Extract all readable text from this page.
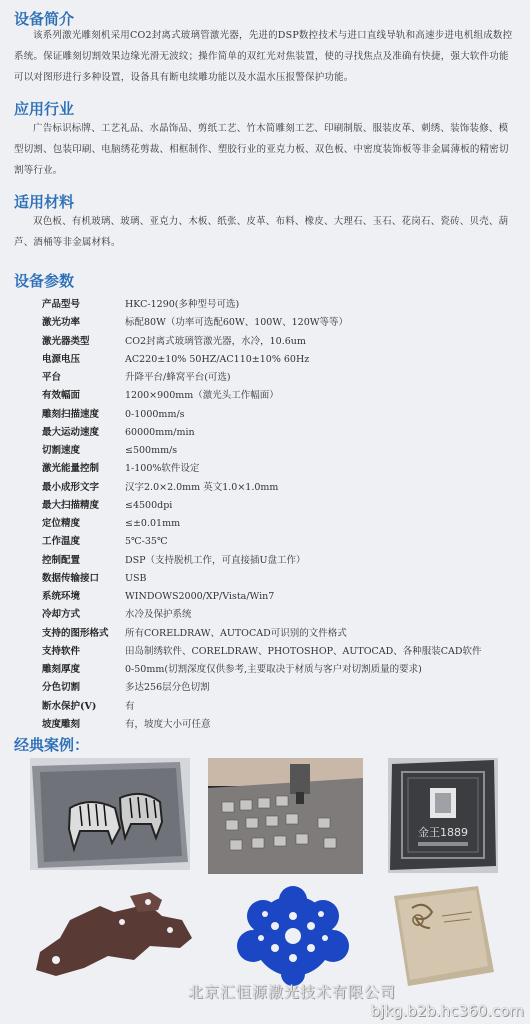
设备简介
该系列激光雕刻机采用CO2封离式玻璃管激光器，先进的DSP数控技术与进口直线导轨和高速步进电机组成数控系统。保证雕刻切割效果边缘光滑无波纹；操作简单的双红光对焦装置，使的寻找焦点及准确有快捷，强大软件功能可以对图形进行多种设置，设备具有断电续雕功能以及水温水压报警保护功能。
应用行业
广告标识标牌、工艺礼品、水晶饰品、剪纸工艺、竹木简雕刻工艺、印刷制版、服装皮革、刺绣、装饰装修、模型切割、包装印刷、电脑绣花剪裁、相框制作、塑胶行业的亚克力板、双色板、中密度装饰板等非金属薄板的精密切割等行业。
适用材料
双色板、有机玻璃、玻璃、亚克力、木板、纸张、皮革、布料、橡皮、大理石、玉石、花岗石、瓷砖、贝壳、葫芦、酒桶等非金属材料。
设备参数
产品型号	HKC-1290(多种型号可选)
激光功率	标配80W（功率可选配60W、100W、120W等等）
激光器类型	CO2封离式玻璃管激光器，水冷，10.6um
电源电压	AC220±10% 50HZ/AC110±10% 60Hz
平台	升降平台/蜂窝平台(可选)
有效幅面	1200×900mm（激光头工作幅面）
雕刻扫描速度	0-1000mm/s
最大运动速度	60000mm/min
切割速度	≤500mm/s
激光能量控制	1-100%软件设定
最小成形文字	汉字2.0×2.0mm 英文1.0×1.0mm
最大扫描精度	≤4500dpi
定位精度	≤±0.01mm
工作温度	5℃-35℃
控制配置	DSP（支持脱机工作，可直接插U盘工作）
数据传输接口	USB
系统环境	WINDOWS2000/XP/Vista/Win7
冷却方式	水冷及保护系统
支持的图形格式	所有CORELDRAW、AUTOCAD可识别的文件格式
支持软件	田岛制绣软件、CORELDRAW、PHOTOSHOP、AUTOCAD、各种服装CAD软件
雕刻厚度	0-50mm(切割深度仅供参考,主要取决于材质与客户对切割质量的要求)
分色切割	多达256层分色切割
断水保护(V)	有
坡度雕刻	有，坡度大小可任意
经典案例：
金王1889
北京汇恒源激光技术有限公司
bjkg.b2b.hc360.com
